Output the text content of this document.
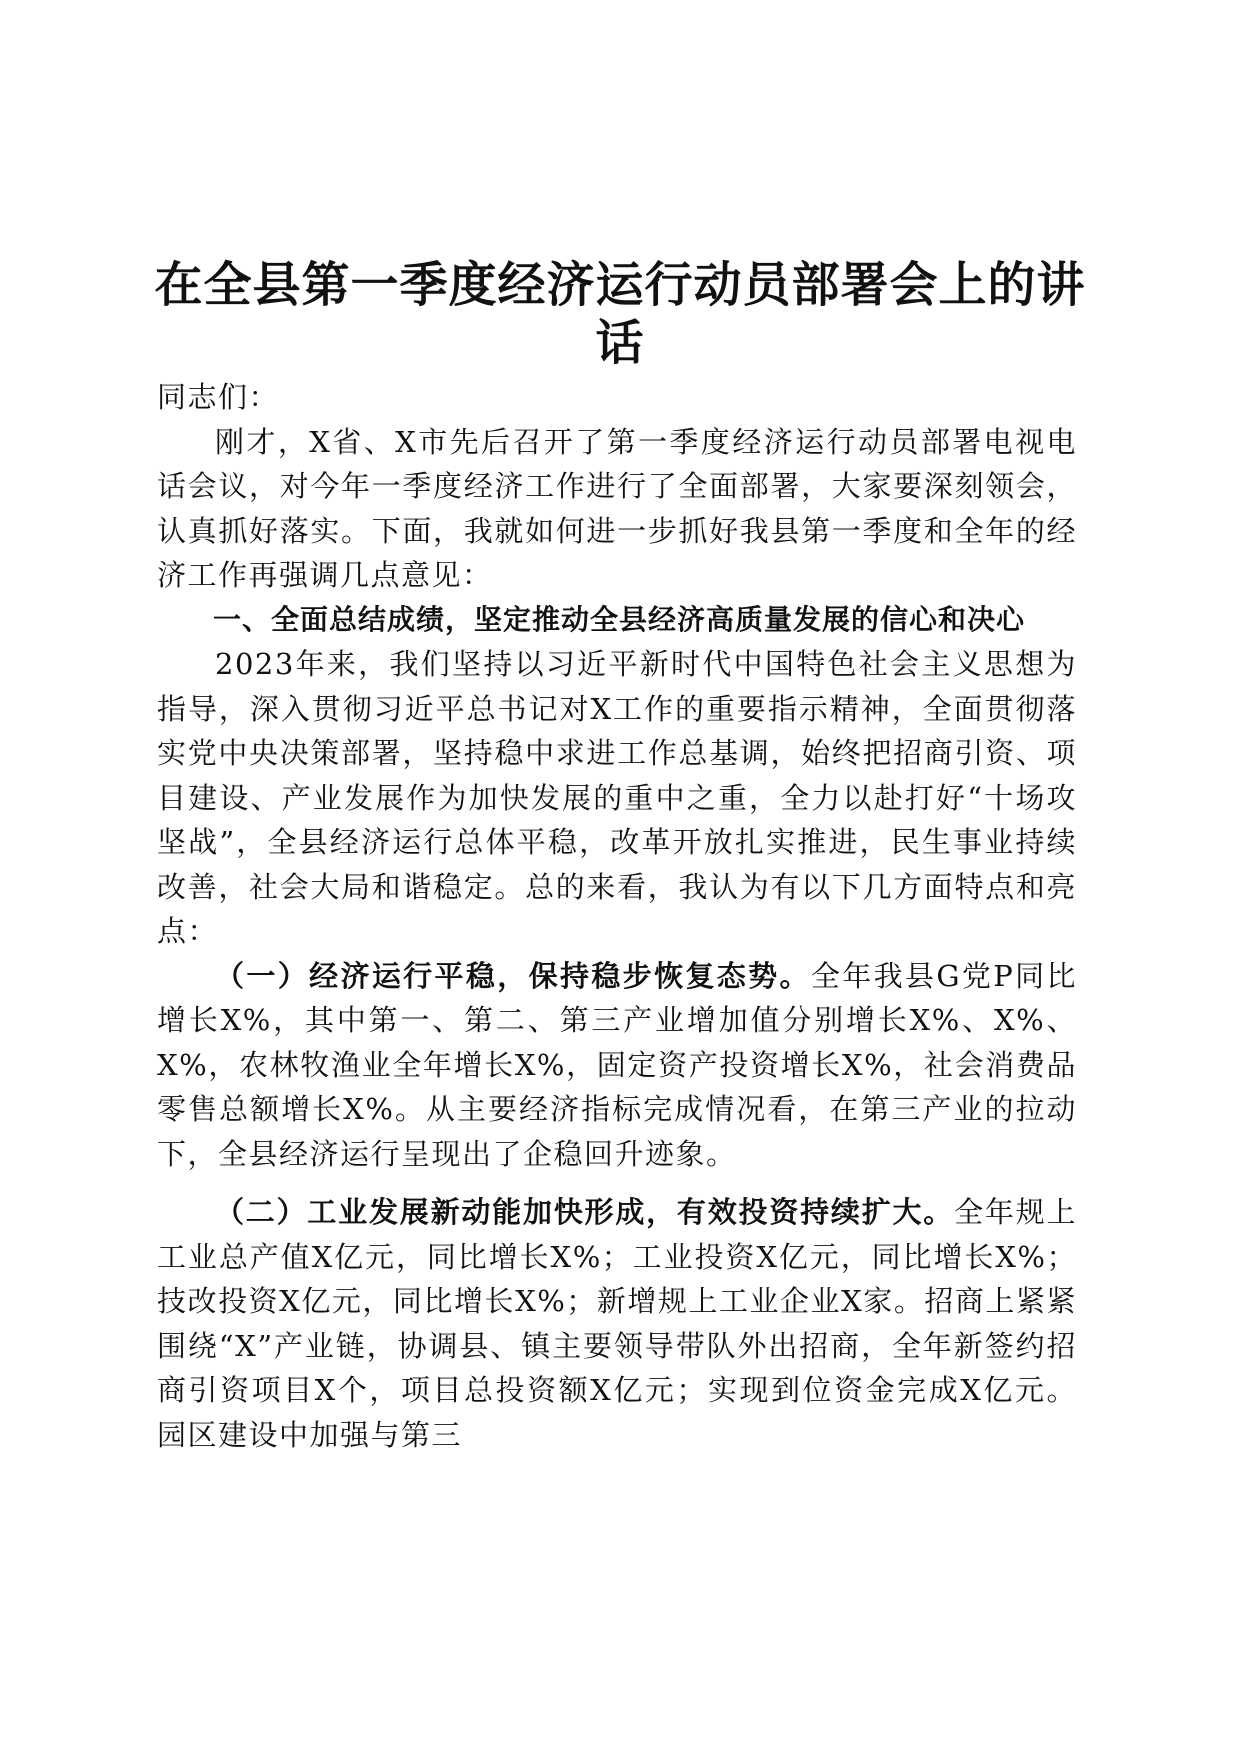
在全县第一季度经济运行动员部署会上的讲话

同志们：

刚才，X省、X市先后召开了第一季度经济运行动员部署电视电话会议，对今年一季度经济工作进行了全面部署，大家要深刻领会，认真抓好落实。下面，我就如何进一步抓好我县第一季度和全年的经济工作再强调几点意见：

一、全面总结成绩，坚定推动全县经济高质量发展的信心和决心

2023年来，我们坚持以习近平新时代中国特色社会主义思想为指导，深入贯彻习近平总书记对X工作的重要指示精神，全面贯彻落实党中央决策部署，坚持稳中求进工作总基调，始终把招商引资、项目建设、产业发展作为加快发展的重中之重，全力以赴打好“十场攻坚战”，全县经济运行总体平稳，改革开放扎实推进，民生事业持续改善，社会大局和谐稳定。总的来看，我认为有以下几方面特点和亮点：

（一）经济运行平稳，保持稳步恢复态势。全年我县G党P同比增长X%，其中第一、第二、第三产业增加值分别增长X%、X%、X%，农林牧渔业全年增长X%，固定资产投资增长X%，社会消费品零售总额增长X%。从主要经济指标完成情况看，在第三产业的拉动下，全县经济运行呈现出了企稳回升迹象。

（二）工业发展新动能加快形成，有效投资持续扩大。全年规上工业总产值X亿元，同比增长X%；工业投资X亿元，同比增长X%；技改投资X亿元，同比增长X%；新增规上工业企业X家。招商上紧紧围绕“X”产业链，协调县、镇主要领导带队外出招商，全年新签约招商引资项目X个，项目总投资额X亿元；实现到位资金完成X亿元。园区建设中加强与第三
